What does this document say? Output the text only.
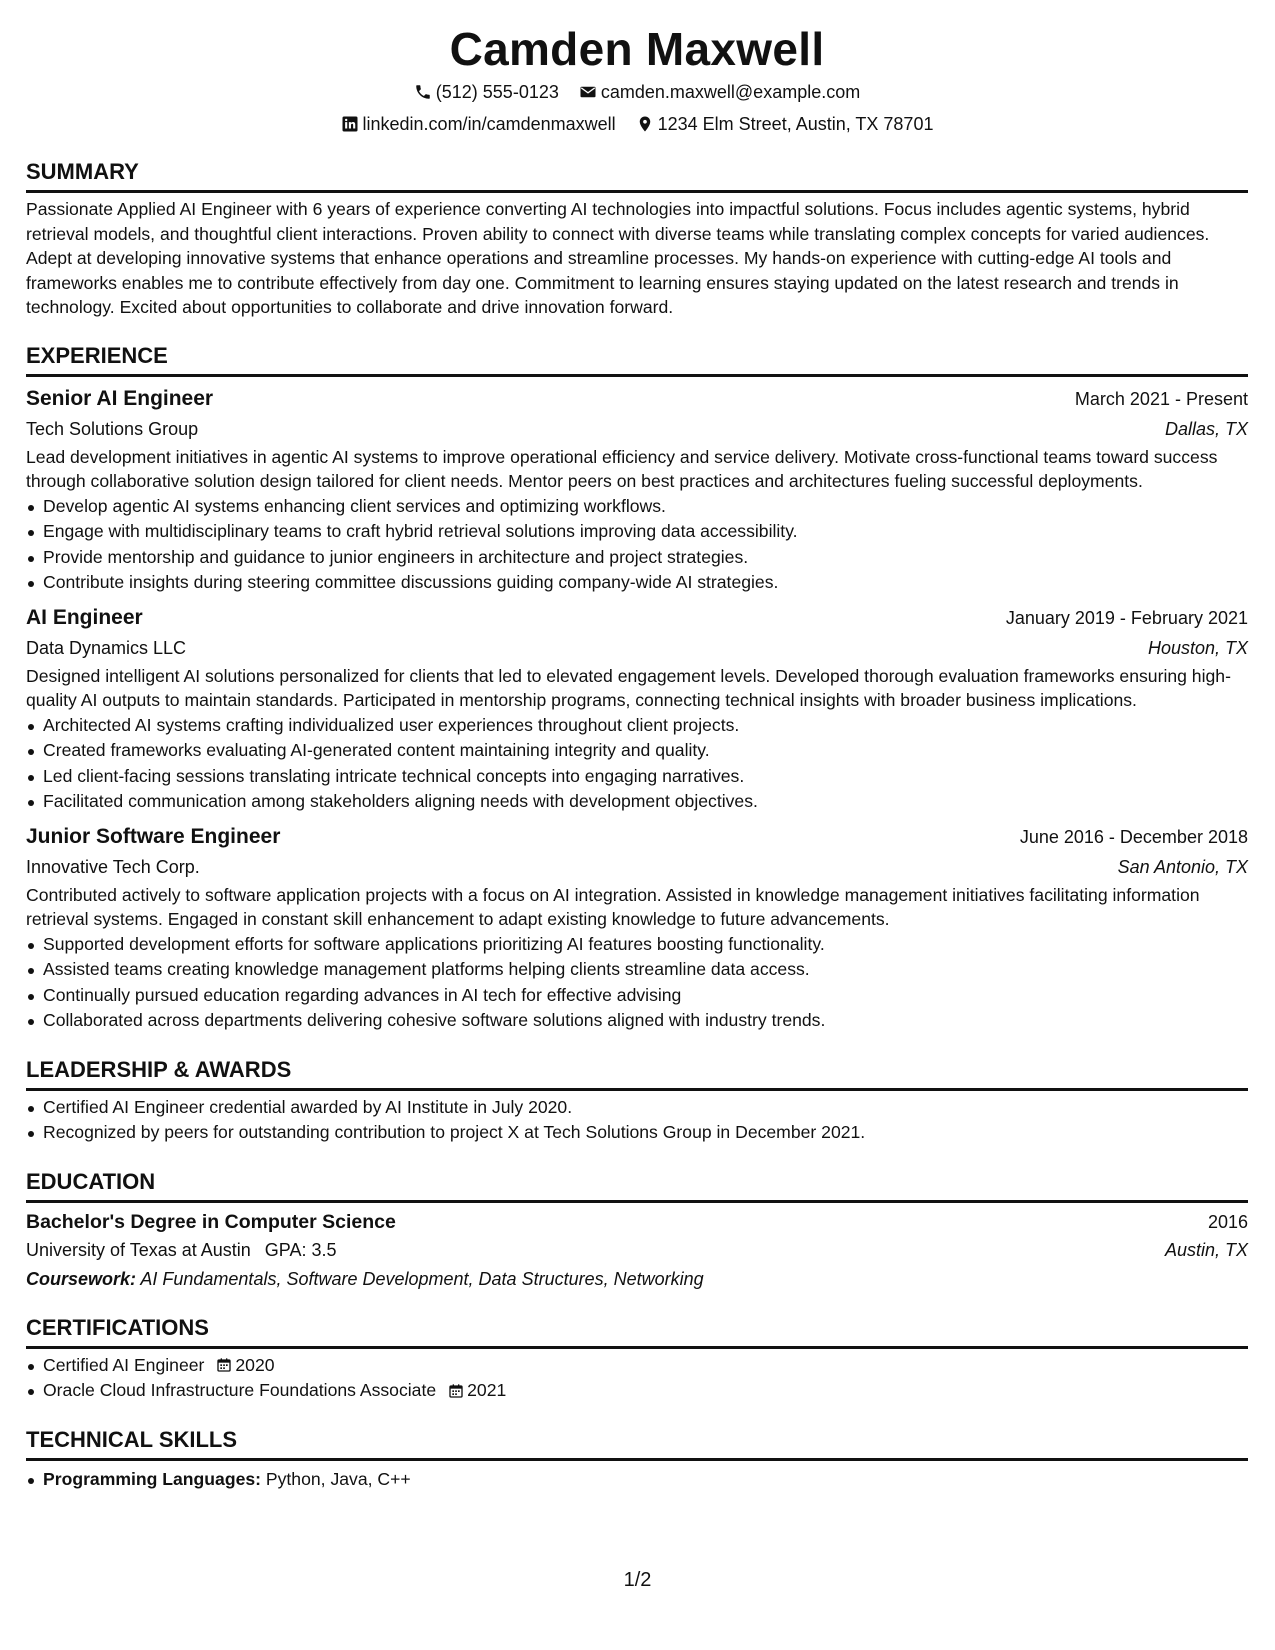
Camden Maxwell
(512) 555-0123 camden.maxwell@example.com
linkedin.com/in/camdenmaxwell 1234 Elm Street, Austin, TX 78701
SUMMARY

Passionate Applied AI Engineer with 6 years of experience converting AI technologies into impactful solutions. Focus includes agentic systems, hybrid retrieval models, and thoughtful client interactions. Proven ability to connect with diverse teams while translating complex concepts for varied audiences. Adept at developing innovative systems that enhance operations and streamline processes. My hands-on experience with cutting-edge AI tools and frameworks enables me to contribute effectively from day one. Commitment to learning ensures staying updated on the latest research and trends in technology. Excited about opportunities to collaborate and drive innovation forward.

EXPERIENCE
Senior AI Engineer	March 2021 - Present
Tech Solutions Group	Dallas, TX

Lead development initiatives in agentic AI systems to improve operational efficiency and service delivery. Motivate cross-functional teams toward success through collaborative solution design tailored for client needs. Mentor peers on best practices and architectures fueling successful deployments.

Develop agentic AI systems enhancing client services and optimizing workflows.
Engage with multidisciplinary teams to craft hybrid retrieval solutions improving data accessibility.
Provide mentorship and guidance to junior engineers in architecture and project strategies.
Contribute insights during steering committee discussions guiding company-wide AI strategies.
AI Engineer	January 2019 - February 2021
Data Dynamics LLC	Houston, TX

Designed intelligent AI solutions personalized for clients that led to elevated engagement levels. Developed thorough evaluation frameworks ensuring high-quality AI outputs to maintain standards. Participated in mentorship programs, connecting technical insights with broader business implications.

Architected AI systems crafting individualized user experiences throughout client projects.
Created frameworks evaluating AI-generated content maintaining integrity and quality.
Led client-facing sessions translating intricate technical concepts into engaging narratives.
Facilitated communication among stakeholders aligning needs with development objectives.
Junior Software Engineer	June 2016 - December 2018
Innovative Tech Corp.	San Antonio, TX

Contributed actively to software application projects with a focus on AI integration. Assisted in knowledge management initiatives facilitating information retrieval systems. Engaged in constant skill enhancement to adapt existing knowledge to future advancements.

Supported development efforts for software applications prioritizing AI features boosting functionality.
Assisted teams creating knowledge management platforms helping clients streamline data access.
Continually pursued education regarding advances in AI tech for effective advising
Collaborated across departments delivering cohesive software solutions aligned with industry trends.
LEADERSHIP & AWARDS
Certified AI Engineer credential awarded by AI Institute in July 2020.
Recognized by peers for outstanding contribution to project X at Tech Solutions Group in December 2021.
EDUCATION
Bachelor's Degree in Computer Science	2016
University of Texas at Austin GPA: 3.5	Austin, TX
Coursework: AI Fundamentals, Software Development, Data Structures, Networking
CERTIFICATIONS
Certified AI Engineer 2020
Oracle Cloud Infrastructure Foundations Associate 2021
TECHNICAL SKILLS
Programming Languages: Python, Java, C++
1/2
